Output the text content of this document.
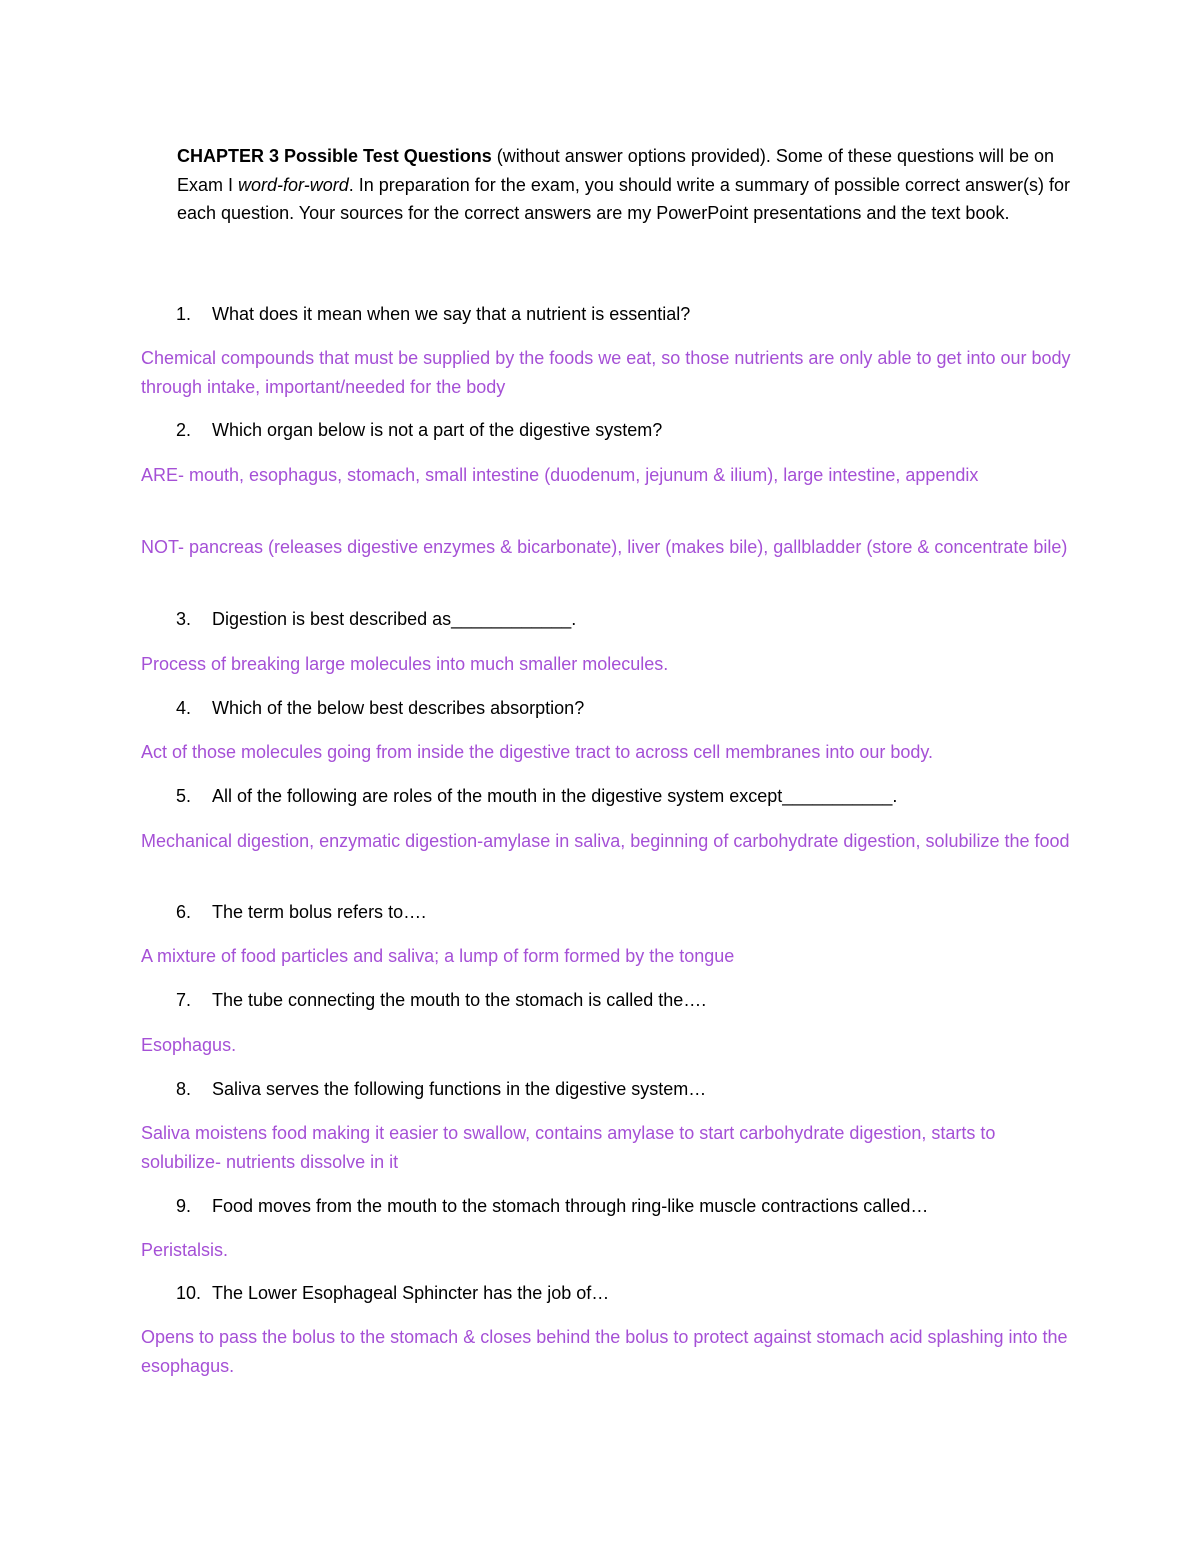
CHAPTER 3 Possible Test Questions (without answer options provided). Some of these questions will be on Exam I word-for-word. In preparation for the exam, you should write a summary of possible correct answer(s) for each question. Your sources for the correct answers are my PowerPoint presentations and the text book.
1. What does it mean when we say that a nutrient is essential?
Chemical compounds that must be supplied by the foods we eat, so those nutrients are only able to get into our body through intake, important/needed for the body
2. Which organ below is not a part of the digestive system?
ARE- mouth, esophagus, stomach, small intestine (duodenum, jejunum & ilium), large intestine, appendix
NOT- pancreas (releases digestive enzymes & bicarbonate), liver (makes bile), gallbladder (store & concentrate bile)
3. Digestion is best described as____________.
Process of breaking large molecules into much smaller molecules.
4. Which of the below best describes absorption?
Act of those molecules going from inside the digestive tract to across cell membranes into our body.
5. All of the following are roles of the mouth in the digestive system except___________.
Mechanical digestion, enzymatic digestion-amylase in saliva, beginning of carbohydrate digestion, solubilize the food
6. The term bolus refers to….
A mixture of food particles and saliva; a lump of form formed by the tongue
7. The tube connecting the mouth to the stomach is called the….
Esophagus.
8. Saliva serves the following functions in the digestive system…
Saliva moistens food making it easier to swallow, contains amylase to start carbohydrate digestion, starts to solubilize- nutrients dissolve in it
9. Food moves from the mouth to the stomach through ring-like muscle contractions called…
Peristalsis.
10. The Lower Esophageal Sphincter has the job of…
Opens to pass the bolus to the stomach & closes behind the bolus to protect against stomach acid splashing into the esophagus.
